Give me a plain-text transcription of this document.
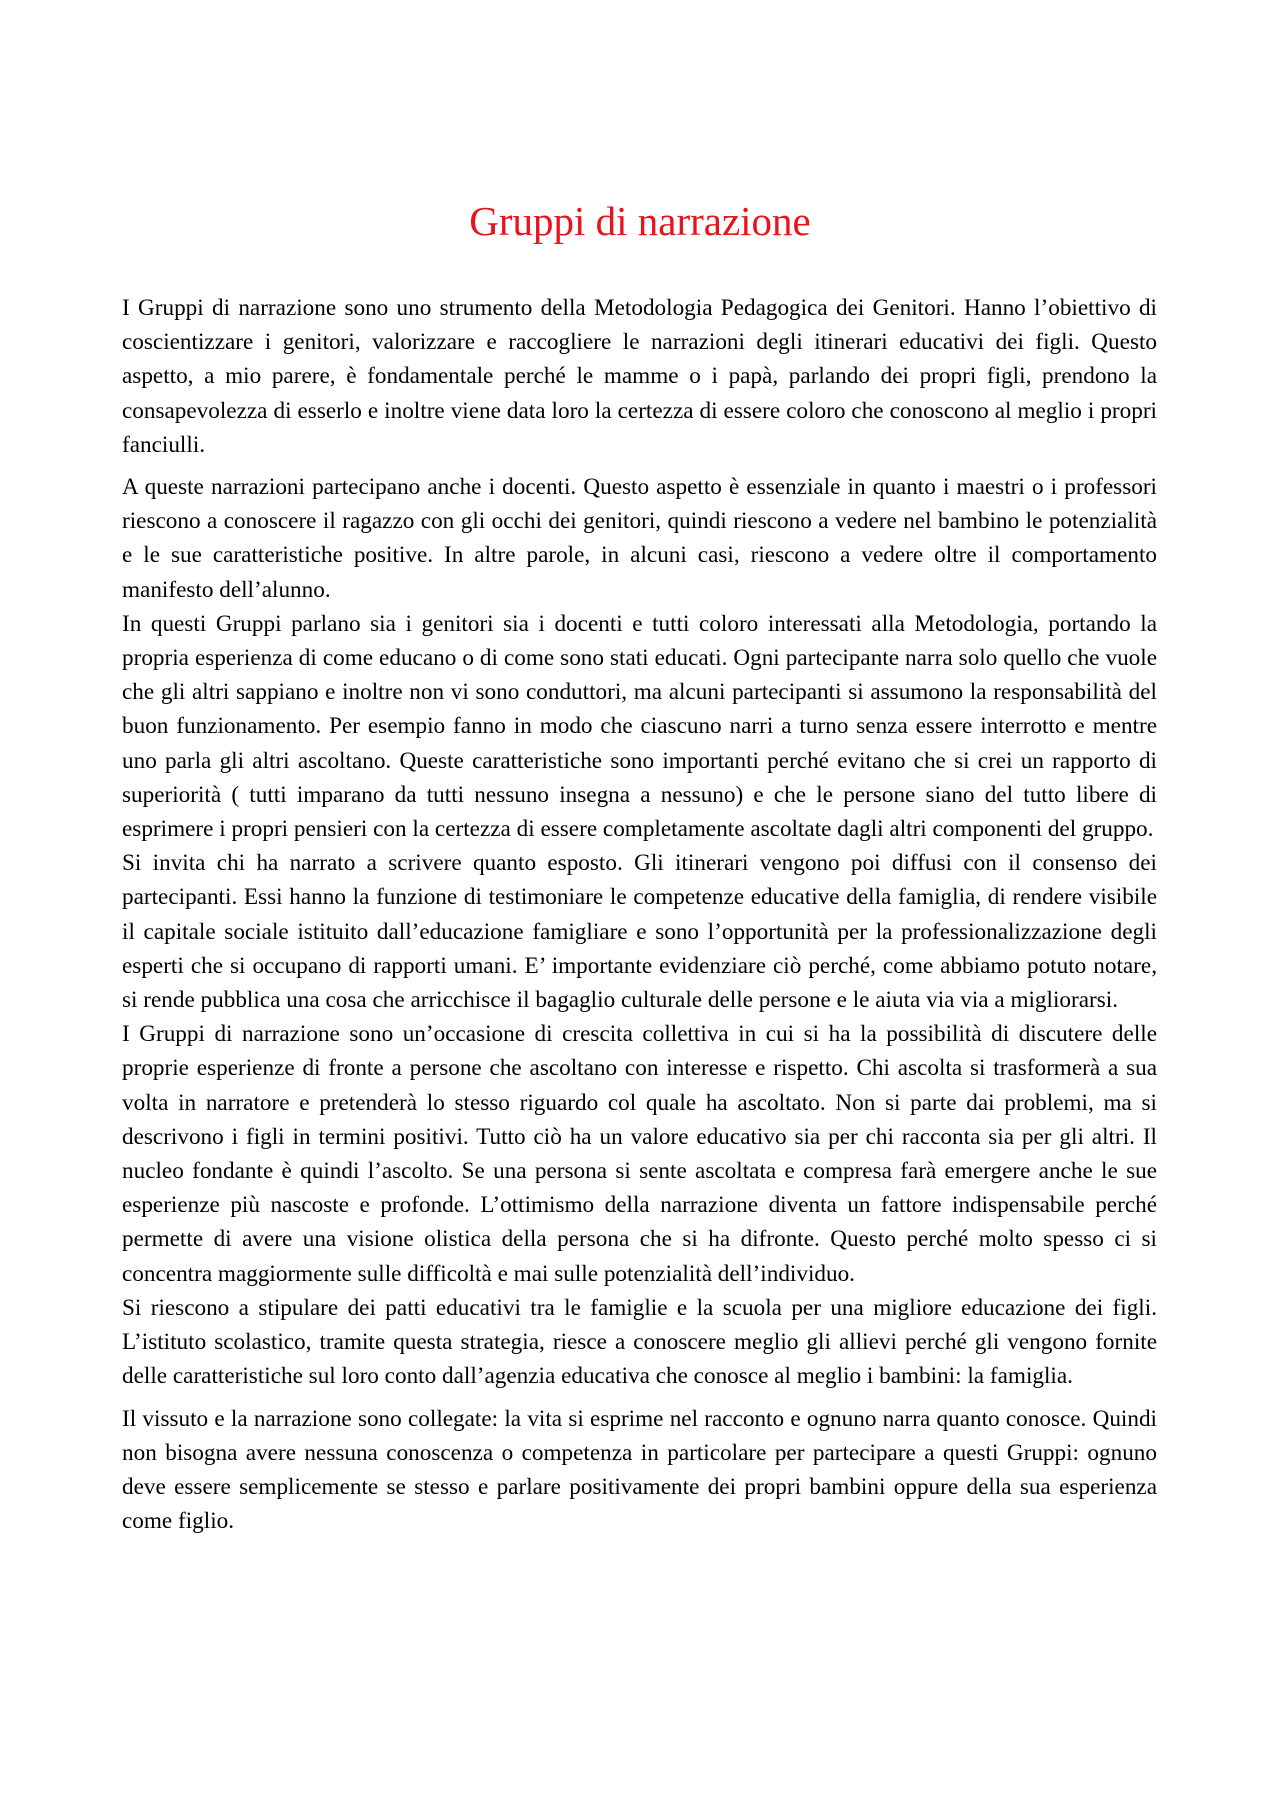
Gruppi di narrazione

I Gruppi di narrazione sono uno strumento della Metodologia Pedagogica dei Genitori. Hanno l’obiettivo di coscientizzare i genitori, valorizzare e raccogliere le narrazioni degli itinerari educativi dei figli. Questo aspetto, a mio parere, è fondamentale perché le mamme o i papà, parlando dei propri figli, prendono la consapevolezza di esserlo e inoltre viene data loro la certezza di essere coloro che conoscono al meglio i propri fanciulli.

A queste narrazioni partecipano anche i docenti. Questo aspetto è essenziale in quanto i maestri o i professori riescono a conoscere il ragazzo con gli occhi dei genitori, quindi riescono a vedere nel bambino le potenzialità e le sue caratteristiche positive. In altre parole, in alcuni casi, riescono a vedere oltre il comportamento manifesto dell’alunno.

In questi Gruppi parlano sia i genitori sia i docenti e tutti coloro interessati alla Metodologia, portando la propria esperienza di come educano o di come sono stati educati. Ogni partecipante narra solo quello che vuole che gli altri sappiano e inoltre non vi sono conduttori, ma alcuni partecipanti si assumono la responsabilità del buon funzionamento. Per esempio fanno in modo che ciascuno narri a turno senza essere interrotto e mentre uno parla gli altri ascoltano. Queste caratteristiche sono importanti perché evitano che si crei un rapporto di superiorità ( tutti imparano da tutti nessuno insegna a nessuno) e che le persone siano del tutto libere di esprimere i propri pensieri con la certezza di essere completamente ascoltate dagli altri componenti del gruppo.

Si invita chi ha narrato a scrivere quanto esposto. Gli itinerari vengono poi diffusi con il consenso dei partecipanti. Essi hanno la funzione di testimoniare le competenze educative della famiglia, di rendere visibile il capitale sociale istituito dall’educazione famigliare e sono l’opportunità per la professionalizzazione degli esperti che si occupano di rapporti umani. E’ importante evidenziare ciò perché, come abbiamo potuto notare, si rende pubblica una cosa che arricchisce il bagaglio culturale delle persone e le aiuta via via a migliorarsi.

I Gruppi di narrazione sono un’occasione di crescita collettiva in cui si ha la possibilità di discutere delle proprie esperienze di fronte a persone che ascoltano con interesse e rispetto. Chi ascolta si trasformerà a sua volta in narratore e pretenderà lo stesso riguardo col quale ha ascoltato. Non si parte dai problemi, ma si descrivono i figli in termini positivi. Tutto ciò ha un valore educativo sia per chi racconta sia per gli altri. Il nucleo fondante è quindi l’ascolto. Se una persona si sente ascoltata e compresa farà emergere anche le sue esperienze più nascoste e profonde. L’ottimismo della narrazione diventa un fattore indispensabile perché permette di avere una visione olistica della persona che si ha difronte. Questo perché molto spesso ci si concentra maggiormente sulle difficoltà e mai sulle potenzialità dell’individuo.

Si riescono a stipulare dei patti educativi tra le famiglie e la scuola per una migliore educazione dei figli. L’istituto scolastico, tramite questa strategia, riesce a conoscere meglio gli allievi perché gli vengono fornite delle caratteristiche sul loro conto dall’agenzia educativa che conosce al meglio i bambini: la famiglia.

Il vissuto e la narrazione sono collegate: la vita si esprime nel racconto e ognuno narra quanto conosce. Quindi non bisogna avere nessuna conoscenza o competenza in particolare per partecipare a questi Gruppi: ognuno deve essere semplicemente se stesso e parlare positivamente dei propri bambini oppure della sua esperienza come figlio.
